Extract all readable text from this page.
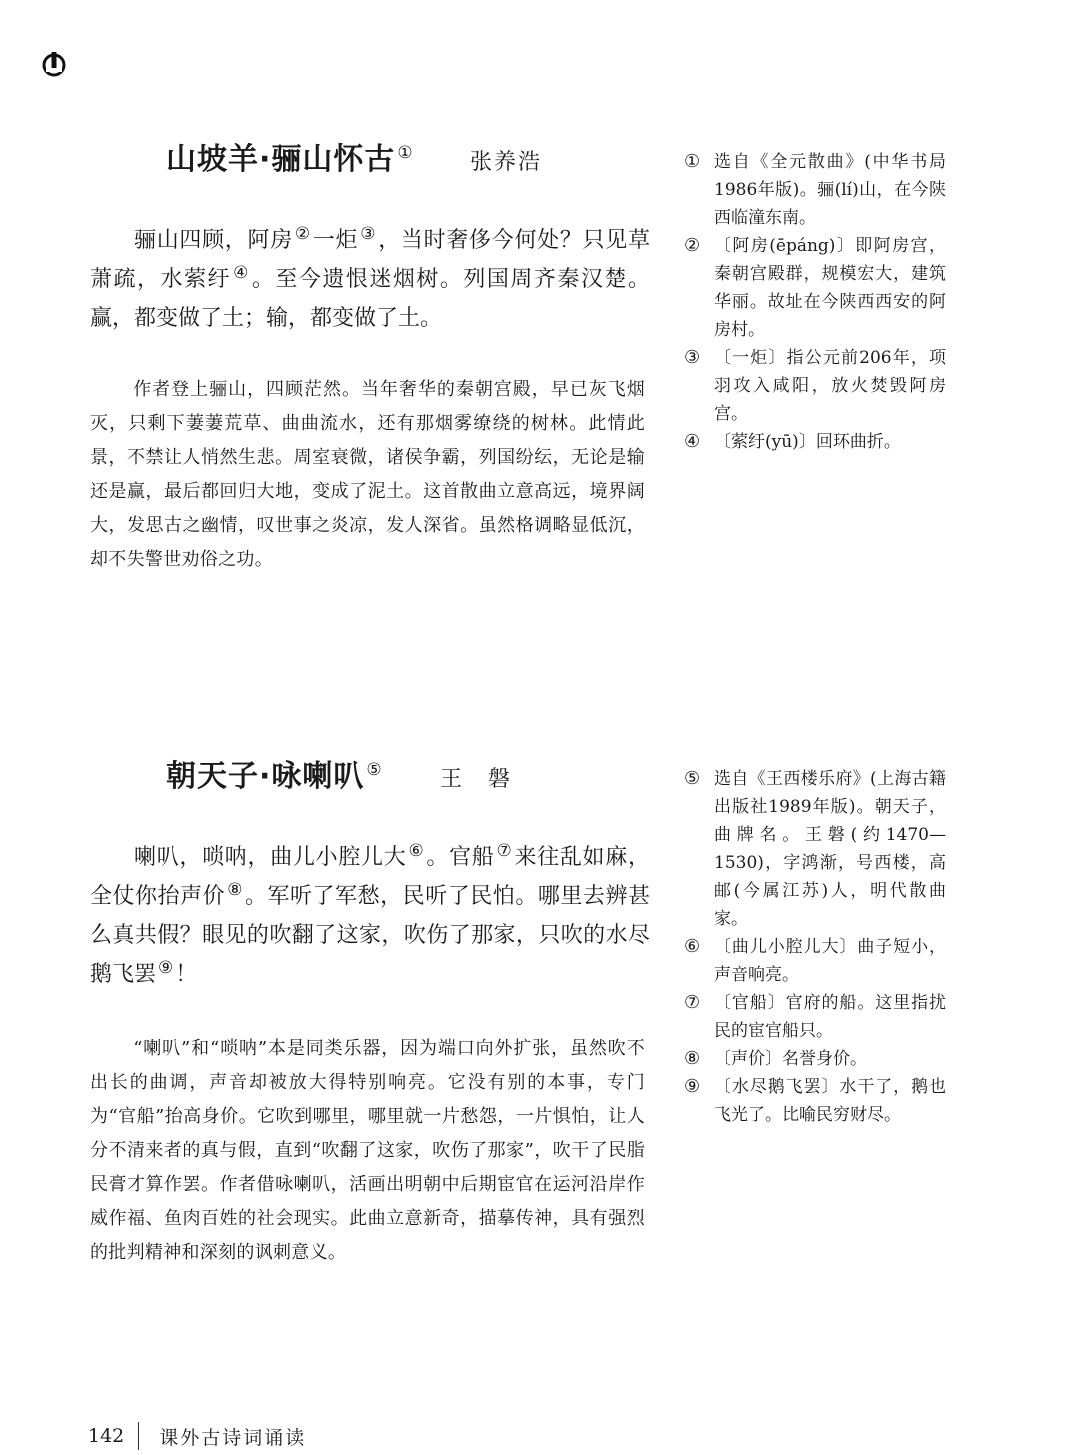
山坡羊·骊山怀古 ①	张养浩

骊山四顾，阿房 ②一炬 ③，当时奢侈今何处？只见草萧疏，水萦纡 ④。至今遗恨迷烟树。列国周齐秦汉楚。赢，都变做了土；输，都变做了土。

作者登上骊山，四顾茫然。当年奢华的秦朝宫殿，早已灰飞烟灭，只剩下萋萋荒草、曲曲流水，还有那烟雾缭绕的树林。此情此景，不禁让人悄然生悲。周室衰微，诸侯争霸，列国纷纭，无论是输还是赢，最后都回归大地，变成了泥土。这首散曲立意高远，境界阔大，发思古之幽情，叹世事之炎凉，发人深省。虽然格调略显低沉，却不失警世劝俗之功。

① 选自《全元散曲》(中华书局1986年版)。骊(lí)山，在今陕西临潼东南。
② 〔阿房(ēpáng)〕即阿房宫，秦朝宫殿群，规模宏大，建筑华丽。故址在今陕西西安的阿房村。
③ 〔一炬〕指公元前206年，项羽攻入咸阳，放火焚毁阿房宫。
④ 〔萦纡(yū)〕回环曲折。
朝天子·咏喇叭 ⑤	王　磐

喇叭，唢呐，曲儿小腔儿大 ⑥。官船 ⑦来往乱如麻，全仗你抬声价 ⑧。军听了军愁，民听了民怕。哪里去辨甚么真共假？眼见的吹翻了这家，吹伤了那家，只吹的水尽鹅飞罢 ⑨！

“喇叭”和“唢呐”本是同类乐器，因为端口向外扩张，虽然吹不出长的曲调，声音却被放大得特别响亮。它没有别的本事，专门为“官船”抬高身价。它吹到哪里，哪里就一片愁怨，一片惧怕，让人分不清来者的真与假，直到“吹翻了这家，吹伤了那家”，吹干了民脂民膏才算作罢。作者借咏喇叭，活画出明朝中后期宦官在运河沿岸作威作福、鱼肉百姓的社会现实。此曲立意新奇，描摹传神，具有强烈的批判精神和深刻的讽刺意义。

⑤ 选自《王西楼乐府》(上海古籍出版社1989年版)。朝天子，曲牌名。王磐(约1470—1530)，字鸿渐，号西楼，高邮(今属江苏)人，明代散曲家。
⑥ 〔曲儿小腔儿大〕曲子短小，声音响亮。
⑦ 〔官船〕官府的船。这里指扰民的宦官船只。
⑧ 〔声价〕名誉身价。
⑨ 〔水尽鹅飞罢〕水干了，鹅也飞光了。比喻民穷财尽。
142 课外古诗词诵读
